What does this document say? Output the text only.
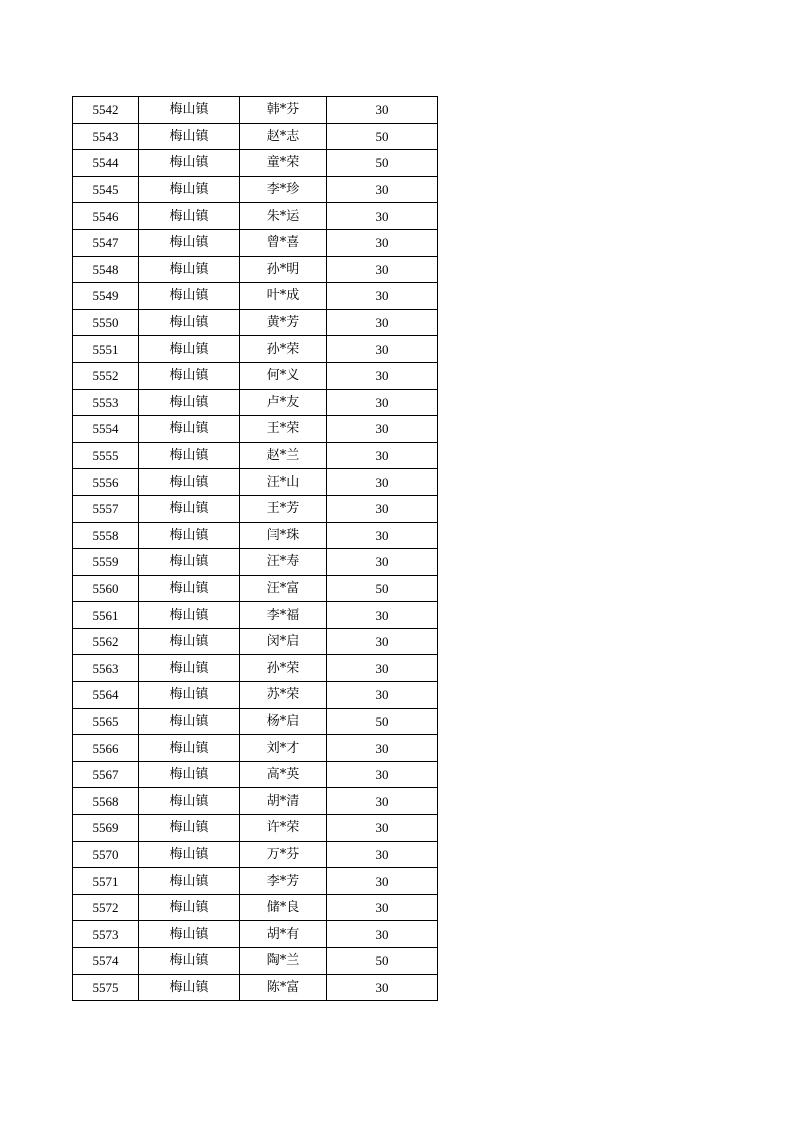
5542	梅山镇	韩*芬	30
5543	梅山镇	赵*志	50
5544	梅山镇	童*荣	50
5545	梅山镇	李*珍	30
5546	梅山镇	朱*运	30
5547	梅山镇	曾*喜	30
5548	梅山镇	孙*明	30
5549	梅山镇	叶*成	30
5550	梅山镇	黄*芳	30
5551	梅山镇	孙*荣	30
5552	梅山镇	何*义	30
5553	梅山镇	卢*友	30
5554	梅山镇	王*荣	30
5555	梅山镇	赵*兰	30
5556	梅山镇	汪*山	30
5557	梅山镇	王*芳	30
5558	梅山镇	闫*珠	30
5559	梅山镇	汪*寿	30
5560	梅山镇	汪*富	50
5561	梅山镇	李*福	30
5562	梅山镇	闵*启	30
5563	梅山镇	孙*荣	30
5564	梅山镇	苏*荣	30
5565	梅山镇	杨*启	50
5566	梅山镇	刘*才	30
5567	梅山镇	高*英	30
5568	梅山镇	胡*清	30
5569	梅山镇	许*荣	30
5570	梅山镇	万*芬	30
5571	梅山镇	李*芳	30
5572	梅山镇	储*良	30
5573	梅山镇	胡*有	30
5574	梅山镇	陶*兰	50
5575	梅山镇	陈*富	30
